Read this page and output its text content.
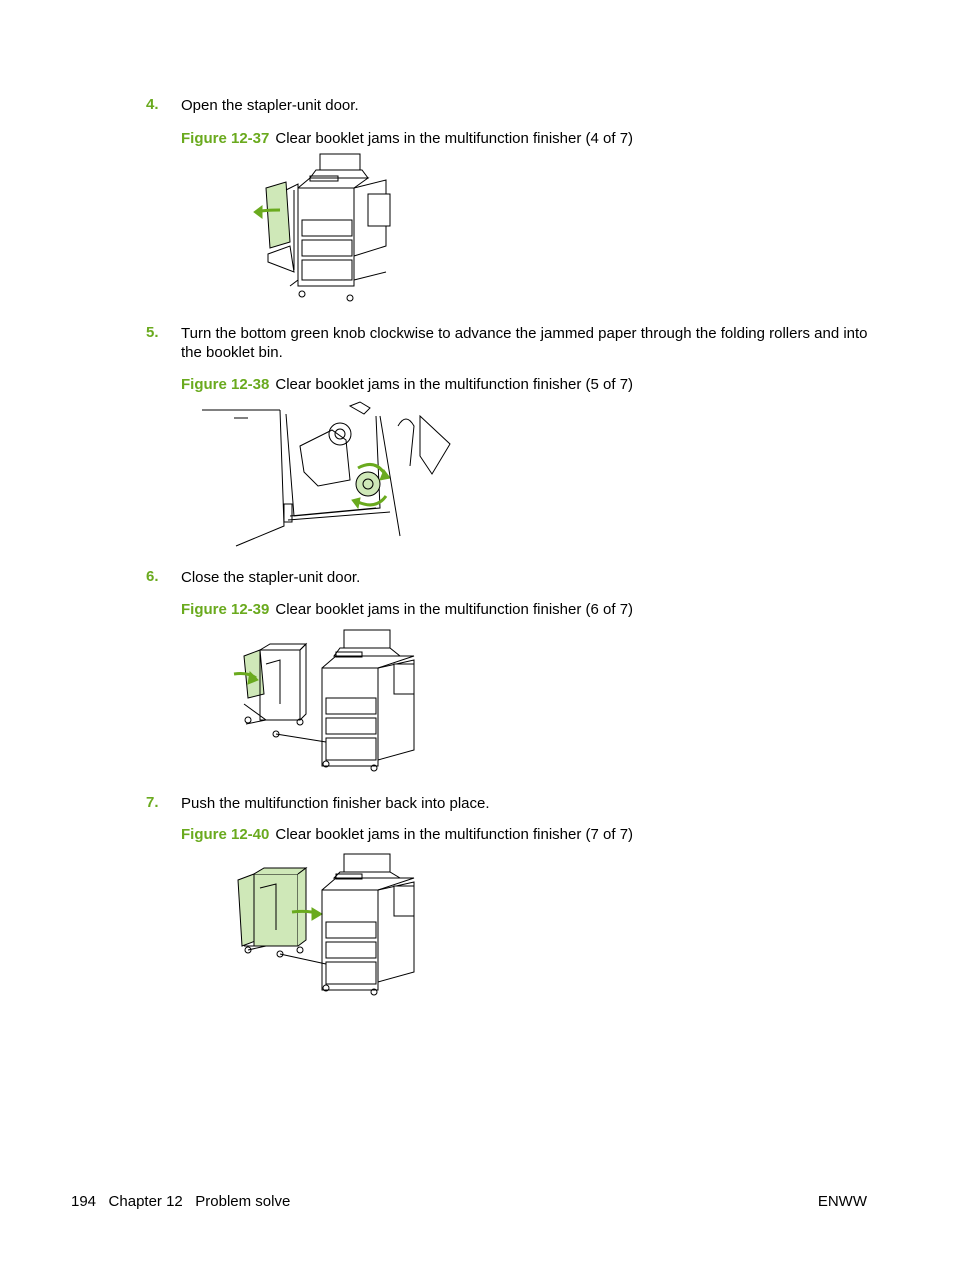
4. Open the stapler-unit door.
Figure 12-37 Clear booklet jams in the multifunction finisher (4 of 7)
5. Turn the bottom green knob clockwise to advance the jammed paper through the folding rollers and into the booklet bin.
Figure 12-38 Clear booklet jams in the multifunction finisher (5 of 7)
6. Close the stapler-unit door.
Figure 12-39 Clear booklet jams in the multifunction finisher (6 of 7)
7. Push the multifunction finisher back into place.
Figure 12-40 Clear booklet jams in the multifunction finisher (7 of 7)
194 Chapter 12 Problem solve	ENWW
